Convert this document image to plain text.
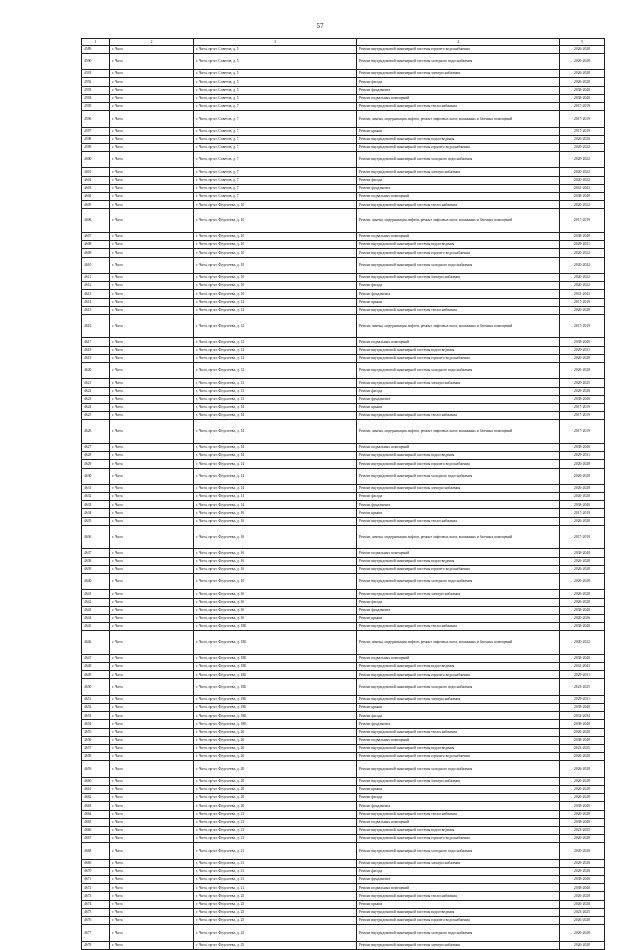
57
1	2	3	4	5
4589	г. Чита	г. Чита, пр-кт. Советов, д. 5	Ремонт внутридомовой инженерной системы горячего водоснабжения	2026-2028
4590	г. Чита	г. Чита, пр-кт. Советов, д. 5	Ремонт внутридомовой инженерной системы холодного водоснабжения	2026-2028
4591	г. Чита	г. Чита, пр-кт. Советов, д. 5	Ремонт внутридомовой инженерной системы электроснабжения	2026-2028
4592	г. Чита	г. Чита, пр-кт. Советов, д. 5	Ремонт фасада	2026-2028
4593	г. Чита	г. Чита, пр-кт. Советов, д. 5	Ремонт фундамента	2038-2040
4594	г. Чита	г. Чита, пр-кт. Советов, д. 5	Ремонт подвальных помещений	2038-2040
4595	г. Чита	г. Чита, пр-кт. Советов, д. 7	Ремонт внутридомовой инженерной системы теплоснабжения	2017-2019
4596	г. Чита	г. Чита, пр-кт. Советов, д. 7	Ремонт, замена, модернизация лифтов, ремонт лифтовых шахт, машинных и блочных помещений	2017-2019
4597	г. Чита	г. Чита, пр-кт. Советов, д. 7	Ремонт крыши	2017-2019
4598	г. Чита	г. Чита, пр-кт. Советов, д. 7	Ремонт внутридомовой инженерной системы водоотведения	2026-2028
4599	г. Чита	г. Чита, пр-кт. Советов, д. 7	Ремонт внутридомовой инженерной системы горячего водоснабжения	2020-2022
4600	г. Чита	г. Чита, пр-кт. Советов, д. 7	Ремонт внутридомовой инженерной системы холодного водоснабжения	2020-2022
4601	г. Чита	г. Чита, пр-кт. Советов, д. 7	Ремонт внутридомовой инженерной системы электроснабжения	2020-2022
4602	г. Чита	г. Чита, пр-кт. Советов, д. 7	Ремонт фасада	2020-2022
4603	г. Чита	г. Чита, пр-кт. Советов, д. 7	Ремонт фундамента	2041-2043
4604	г. Чита	г. Чита, пр-кт. Советов, д. 7	Ремонт подвальных помещений	2038-2040
4605	г. Чита	г. Чита, пр-кт. Федосеева, д. 10	Ремонт внутридомовой инженерной системы теплоснабжения	2020-2022
4606	г. Чита	г. Чита, пр-кт. Федосеева, д. 10	Ремонт, замена, модернизация лифтов, ремонт лифтовых шахт, машинных и блочных помещений	2017-2019
4607	г. Чита	г. Чита, пр-кт. Федосеева, д. 10	Ремонт подвальных помещений	2038-2040
4608	г. Чита	г. Чита, пр-кт. Федосеева, д. 10	Ремонт внутридомовой инженерной системы водоотведения	2029-2031
4609	г. Чита	г. Чита, пр-кт. Федосеева, д. 10	Ремонт внутридомовой инженерной системы горячего водоснабжения	2020-2022
4610	г. Чита	г. Чита, пр-кт. Федосеева, д. 10	Ремонт внутридомовой инженерной системы холодного водоснабжения	2020-2022
4611	г. Чита	г. Чита, пр-кт. Федосеева, д. 10	Ремонт внутридомовой инженерной системы электроснабжения	2020-2022
4612	г. Чита	г. Чита, пр-кт. Федосеева, д. 10	Ремонт фасада	2020-2022
4613	г. Чита	г. Чита, пр-кт. Федосеева, д. 10	Ремонт фундамента	2041-2043
4614	г. Чита	г. Чита, пр-кт. Федосеева, д. 12	Ремонт крыши	2017-2019
4615	г. Чита	г. Чита, пр-кт. Федосеева, д. 12	Ремонт внутридомовой инженерной системы теплоснабжения	2026-2028
4616	г. Чита	г. Чита, пр-кт. Федосеева, д. 12	Ремонт, замена, модернизация лифтов, ремонт лифтовых шахт, машинных и блочных помещений	2017-2019
4617	г. Чита	г. Чита, пр-кт. Федосеева, д. 12	Ремонт подвальных помещений	2038-2040
4618	г. Чита	г. Чита, пр-кт. Федосеева, д. 12	Ремонт внутридомовой инженерной системы водоотведения	2029-2031
4619	г. Чита	г. Чита, пр-кт. Федосеева, д. 12	Ремонт внутридомовой инженерной системы горячего водоснабжения	2026-2028
4620	г. Чита	г. Чита, пр-кт. Федосеева, д. 12	Ремонт внутридомовой инженерной системы холодного водоснабжения	2026-2028
4621	г. Чита	г. Чита, пр-кт. Федосеева, д. 12	Ремонт внутридомовой инженерной системы электроснабжения	2020-2025
4622	г. Чита	г. Чита, пр-кт. Федосеева, д. 12	Ремонт фасада	2026-2028
4623	г. Чита	г. Чита, пр-кт. Федосеева, д. 12	Ремонт фундамента	2038-2040
4624	г. Чита	г. Чита, пр-кт. Федосеева, д. 14	Ремонт крыши	2017-2019
4625	г. Чита	г. Чита, пр-кт. Федосеева, д. 14	Ремонт внутридомовой инженерной системы теплоснабжения	2017-2019
4626	г. Чита	г. Чита, пр-кт. Федосеева, д. 14	Ремонт, замена, модернизация лифтов, ремонт лифтовых шахт, машинных и блочных помещений	2017-2019
4627	г. Чита	г. Чита, пр-кт. Федосеева, д. 14	Ремонт подвальных помещений	2038-2040
4628	г. Чита	г. Чита, пр-кт. Федосеева, д. 14	Ремонт внутридомовой инженерной системы водоотведения	2029-2031
4629	г. Чита	г. Чита, пр-кт. Федосеева, д. 14	Ремонт внутридомовой инженерной системы горячего водоснабжения	2026-2028
4630	г. Чита	г. Чита, пр-кт. Федосеева, д. 14	Ремонт внутридомовой инженерной системы холодного водоснабжения	2026-2028
4631	г. Чита	г. Чита, пр-кт. Федосеева, д. 14	Ремонт внутридомовой инженерной системы электроснабжения	2026-2028
4632	г. Чита	г. Чита, пр-кт. Федосеева, д. 14	Ремонт фасада	2026-2028
4633	г. Чита	г. Чита, пр-кт. Федосеева, д. 14	Ремонт фундамента	2038-2040
4634	г. Чита	г. Чита, пр-кт. Федосеева, д. 16	Ремонт крыши	2017-2019
4635	г. Чита	г. Чита, пр-кт. Федосеева, д. 16	Ремонт внутридомовой инженерной системы теплоснабжения	2026-2028
4636	г. Чита	г. Чита, пр-кт. Федосеева, д. 16	Ремонт, замена, модернизация лифтов, ремонт лифтовых шахт, машинных и блочных помещений	2017-2019
4637	г. Чита	г. Чита, пр-кт. Федосеева, д. 16	Ремонт подвальных помещений	2038-2040
4638	г. Чита	г. Чита, пр-кт. Федосеева, д. 16	Ремонт внутридомовой инженерной системы водоотведения	2026-2028
4639	г. Чита	г. Чита, пр-кт. Федосеева, д. 16	Ремонт внутридомовой инженерной системы горячего водоснабжения	2026-2028
4640	г. Чита	г. Чита, пр-кт. Федосеева, д. 16	Ремонт внутридомовой инженерной системы холодного водоснабжения	2026-2028
4641	г. Чита	г. Чита, пр-кт. Федосеева, д. 16	Ремонт внутридомовой инженерной системы электроснабжения	2026-2028
4642	г. Чита	г. Чита, пр-кт. Федосеева, д. 16	Ремонт фасада	2026-2028
4643	г. Чита	г. Чита, пр-кт. Федосеева, д. 16	Ремонт фундамента	2038-2040
4644	г. Чита	г. Чита, пр-кт. Федосеева, д. 16	Ремонт крыши	2020-2026
4645	г. Чита	г. Чита, пр-кт. Федосеева, д. 18Б	Ремонт внутридомовой инженерной системы теплоснабжения	2038-2040
4646	г. Чита	г. Чита, пр-кт. Федосеева, д. 18Б	Ремонт, замена, модернизация лифтов, ремонт лифтовых шахт, машинных и блочных помещений	2020-2022
4647	г. Чита	г. Чита, пр-кт. Федосеева, д. 18Б	Ремонт подвальных помещений	2038-2040
4648	г. Чита	г. Чита, пр-кт. Федосеева, д. 18Б	Ремонт внутридомовой инженерной системы водоотведения	2041-2043
4649	г. Чита	г. Чита, пр-кт. Федосеева, д. 18Б	Ремонт внутридомовой инженерной системы горячего водоснабжения	2029-2031
4650	г. Чита	г. Чита, пр-кт. Федосеева, д. 18Б	Ремонт внутридомовой инженерной системы холодного водоснабжения	2023-2025
4651	г. Чита	г. Чита, пр-кт. Федосеева, д. 18Б	Ремонт внутридомовой инженерной системы электроснабжения	2029-2031
4652	г. Чита	г. Чита, пр-кт. Федосеева, д. 18Б	Ремонт крыши	2038-2040
4653	г. Чита	г. Чита, пр-кт. Федосеева, д. 18Б	Ремонт фасада	2032-2034
4654	г. Чита	г. Чита, пр-кт. Федосеева, д. 18Б	Ремонт фундамента	2038-2040
4655	г. Чита	г. Чита, пр-кт. Федосеева, д. 20	Ремонт внутридомовой инженерной системы теплоснабжения	2026-2028
4656	г. Чита	г. Чита, пр-кт. Федосеева, д. 20	Ремонт подвальных помещений	2038-2040
4657	г. Чита	г. Чита, пр-кт. Федосеева, д. 20	Ремонт внутридомовой инженерной системы водоотведения	2023-2025
4658	г. Чита	г. Чита, пр-кт. Федосеева, д. 20	Ремонт внутридомовой инженерной системы горячего водоснабжения	2026-2028
4659	г. Чита	г. Чита, пр-кт. Федосеева, д. 20	Ремонт внутридомовой инженерной системы холодного водоснабжения	2026-2028
4660	г. Чита	г. Чита, пр-кт. Федосеева, д. 20	Ремонт внутридомовой инженерной системы электроснабжения	2026-2028
4661	г. Чита	г. Чита, пр-кт. Федосеева, д. 20	Ремонт крыши	2026-2028
4662	г. Чита	г. Чита, пр-кт. Федосеева, д. 20	Ремонт фасада	2026-2028
4663	г. Чита	г. Чита, пр-кт. Федосеева, д. 20	Ремонт фундамента	2038-2040
4664	г. Чита	г. Чита, пр-кт. Федосеева, д. 21	Ремонт внутридомовой инженерной системы теплоснабжения	2026-2028
4665	г. Чита	г. Чита, пр-кт. Федосеева, д. 21	Ремонт подвальных помещений	2038-2040
4666	г. Чита	г. Чита, пр-кт. Федосеева, д. 21	Ремонт внутридомовой инженерной системы водоотведения	2023-2025
4667	г. Чита	г. Чита, пр-кт. Федосеева, д. 21	Ремонт внутридомовой инженерной системы горячего водоснабжения	2026-2028
4668	г. Чита	г. Чита, пр-кт. Федосеева, д. 21	Ремонт внутридомовой инженерной системы холодного водоснабжения	2020-2028
4669	г. Чита	г. Чита, пр-кт. Федосеева, д. 21	Ремонт внутридомовой инженерной системы электроснабжения	2026-2028
4670	г. Чита	г. Чита, пр-кт. Федосеева, д. 21	Ремонт фасада	2026-2028
4671	г. Чита	г. Чита, пр-кт. Федосеева, д. 21	Ремонт фундамента	2038-2040
4672	г. Чита	г. Чита, пр-кт. Федосеева, д. 21	Ремонт подвальных помещений	2038-2040
4673	г. Чита	г. Чита, пр-кт. Федосеева, д. 25	Ремонт внутридомовой инженерной системы теплоснабжения	2026-2028
4674	г. Чита	г. Чита, пр-кт. Федосеева, д. 25	Ремонт крыши	2026-2028
4675	г. Чита	г. Чита, пр-кт. Федосеева, д. 25	Ремонт внутридомовой инженерной системы водоотведения	2023-2025
4676	г. Чита	г. Чита, пр-кт. Федосеева, д. 25	Ремонт внутридомовой инженерной системы горячего водоснабжения	2026-2028
4677	г. Чита	г. Чита, пр-кт. Федосеева, д. 25	Ремонт внутридомовой инженерной системы холодного водоснабжения	2026-2028
4678	г. Чита	г. Чита, пр-кт. Федосеева, д. 25	Ремонт внутридомовой инженерной системы электроснабжения	2026-2028
